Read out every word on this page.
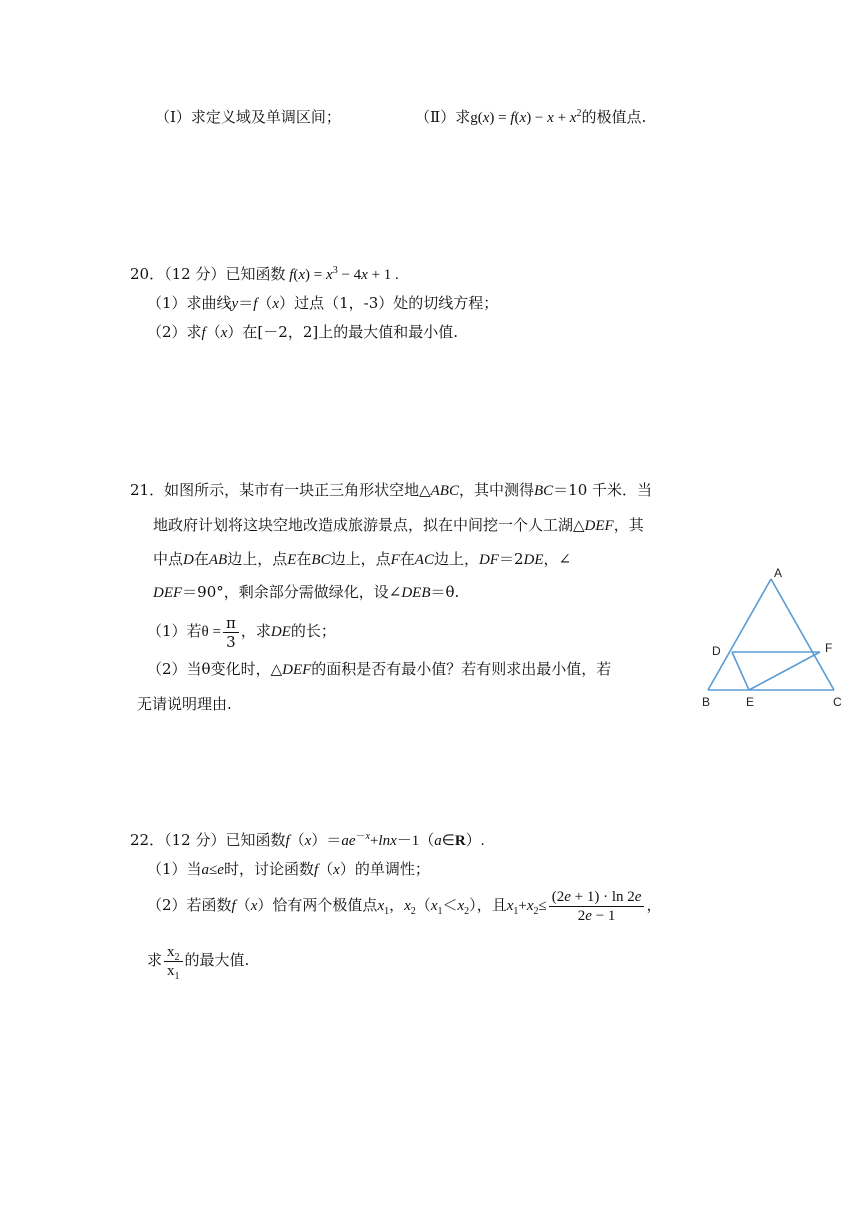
（Ⅰ）求定义域及单调区间；	（Ⅱ）求$g(x) = f(x) - x + x^2$的极值点.
20．（12 分）已知函数 $f(x) = x^3 - 4x + 1$ .
（1）求曲线y＝f（x）过点（1，-3）处的切线方程；
（2）求f（x）在[－2，2]上的最大值和最小值.
21．如图所示，某市有一块正三角形状空地△ABC，其中测得BC＝10 千米．当
地政府计划将这块空地改造成旅游景点，拟在中间挖一个人工湖△DEF，其
中点D在AB边上，点E在BC边上，点F在AC边上，DF＝2DE，∠
DEF＝90°，剩余部分需做绿化，设∠DEB＝θ.
（1）若$\theta = \frac{\pi}{3}$ ，求DE的长；
（2）当θ变化时，△DEF的面积是否有最小值？若有则求出最小值，若
无请说明理由.
A
D	F
B	E	C
22．（12 分）已知函数$f(x)=ae^{-x}+\ln x-1(a\in R)$.
（1）当a≤e时，讨论函数f（x）的单调性；
（2）若函数f（x）恰有两个极值点$x_1$，$x_2(x_1<x_2)$，且$x_1+x_2\le \frac{(2e + 1) \cdot \ln 2e}{2e - 1}$ ，
求 $\frac{x_2}{x_1}$ 的最大值.
